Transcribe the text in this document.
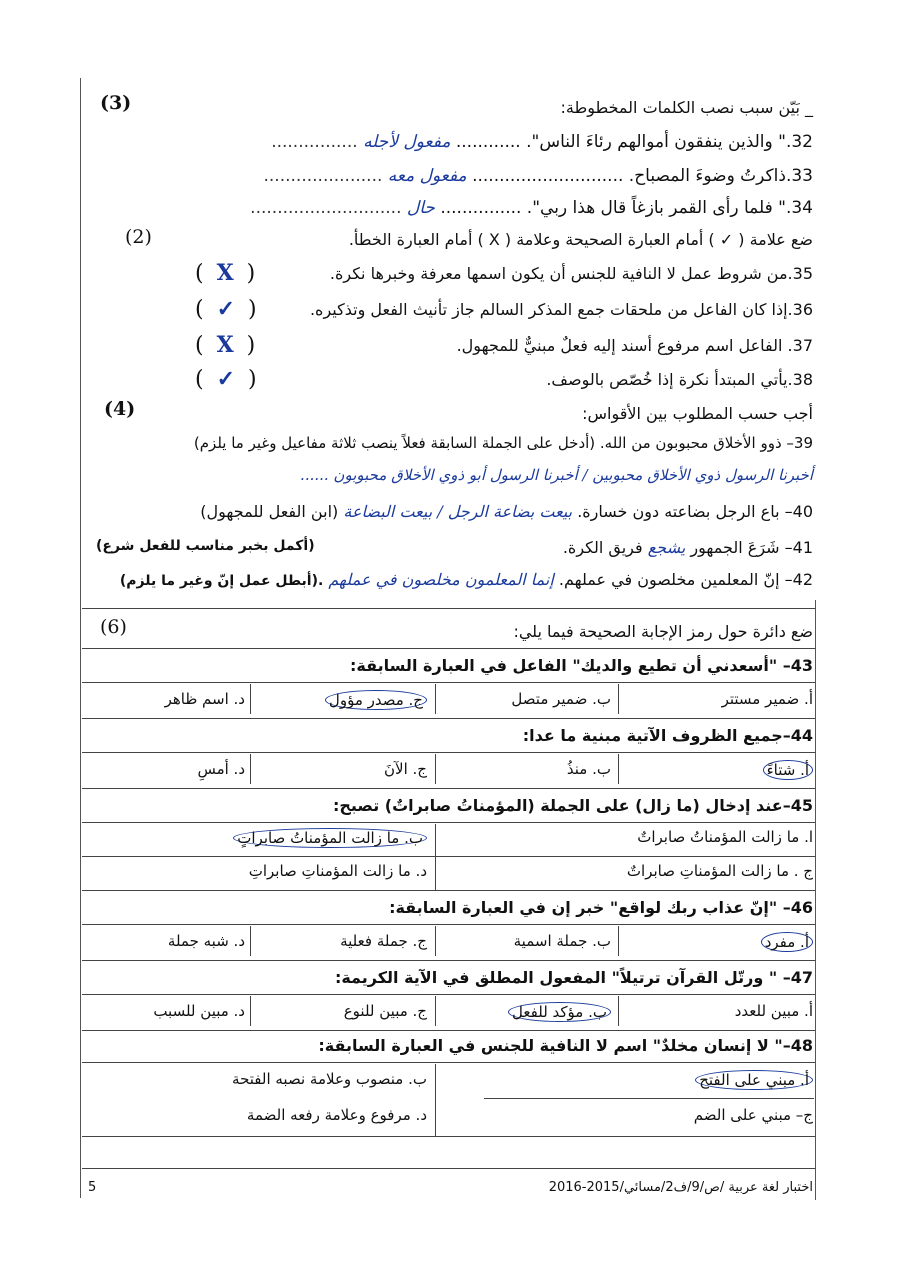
(3)	_ بَيّن سبب نصب الكلمات المخطوطة:
32." والذين ينفقون أموالهم رئاءَ الناس". ............ مفعول لأجله ................
33.ذاكرتُ وضوءَ المصباح. ............................ مفعول معه ......................
34." فلما رأى القمر بازغاً قال هذا ربي". ............... حال ............................
(2)	ضع علامة ( ✓ ) أمام العبارة الصحيحة وعلامة ( X ) أمام العبارة الخطأ.
35.من شروط عمل لا النافية للجنس أن يكون اسمها معرفة وخبرها نكرة.
( X )
36.إذا كان الفاعل من ملحقات جمع المذكر السالم جاز تأنيث الفعل وتذكيره.
( ✓ )
37. الفاعل اسم مرفوع أسند إليه فعلٌ مبنيٌّ للمجهول.
( X )
38.يأتي المبتدأ نكرة إذا خُصّص بالوصف.
( ✓ )
(4)	أجب حسب المطلوب بين الأقواس:
39– ذوو الأخلاق محبوبون من الله. (أدخل على الجملة السابقة فعلاً ينصب ثلاثة مفاعيل وغير ما يلزم)
أخبرنا الرسول ذوي الأخلاق محبوبين / أخبرنا الرسول أبو ذوي الأخلاق محبوبون ......
40– باع الرجل بضاعته دون خسارة. بيعت بضاعة الرجل / بيعت البضاعة (ابن الفعل للمجهول)
41– شَرَعَ الجمهور يشجع فريق الكرة.
(أكمل بخبر مناسب للفعل شرع)
42– إنّ المعلمين مخلصون في عملهم. إنما المعلمون مخلصون في عملهم .(أبطل عمل إنّ وغير ما يلزم)
(6)	ضع دائرة حول رمز الإجابة الصحيحة فيما يلي:
43– "أسعدني أن تطيع والديك" الفاعل في العبارة السابقة:
أ. ضمير مستتر
ب. ضمير متصل
ج. مصدر مؤول
د. اسم ظاهر
44–جميع الظروف الآتية مبنية ما عدا:
أ. شتاءً
ب. منذُ
ج. الآنَ
د. أمسِ
45–عند إدخال (ما زال) على الجملة (المؤمناتُ صابراتٌ) تصبح:
ا. ما زالت المؤمناتُ صابراتٌ
ب. ما زالت المؤمناتُ صابراتٍ
ج . ما زالت المؤمناتِ صابراتٌ
د. ما زالت المؤمناتِ صابراتِ
46– "إنّ عذاب ربك لواقع" خبر إن في العبارة السابقة:
أ. مفرد
ب. جملة اسمية
ج. جملة فعلية
د. شبه جملة
47– " ورتّل القرآن ترتيلاً" المفعول المطلق في الآية الكريمة:
أ. مبين للعدد
ب. مؤكد للفعل
ج. مبين للنوع
د. مبين للسبب
48–" لا إنسان مخلدٌ" اسم لا النافية للجنس في العبارة السابقة:
أ. مبني على الفتح
ب. منصوب وعلامة نصبه الفتحة
ج– مبني على الضم
د. مرفوع وعلامة رفعه الضمة
5	اختبار لغة عربية /ص/9/ف2/مسائي/2015-2016
